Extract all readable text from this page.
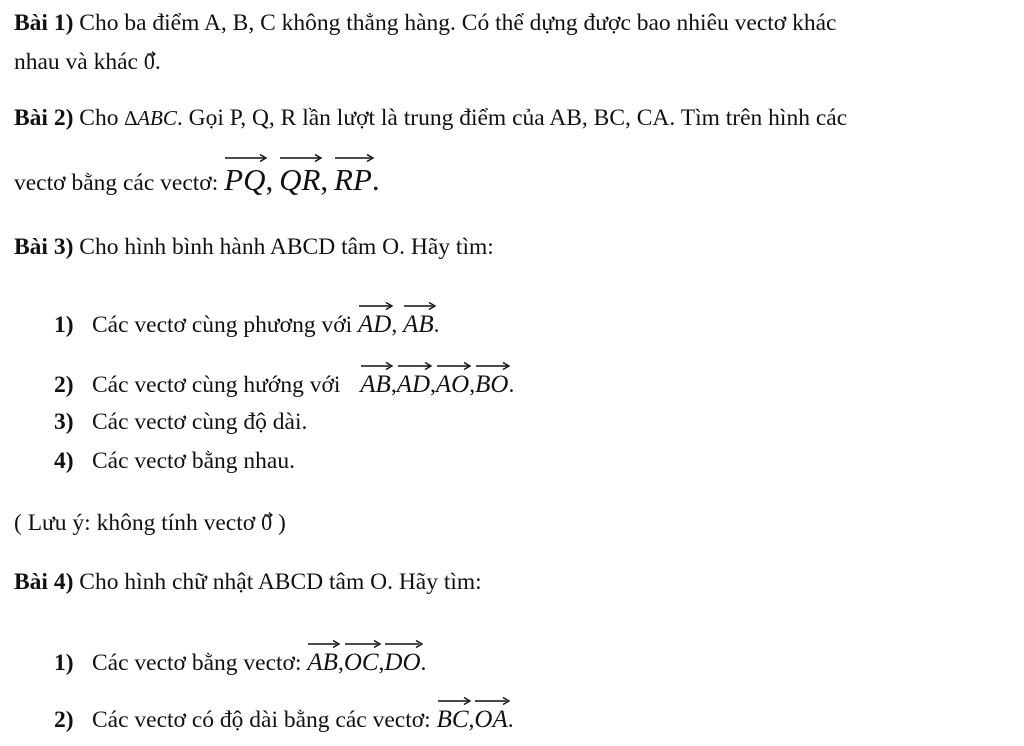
Bài 1) Cho ba điểm A, B, C không thẳng hàng. Có thể dựng được bao nhiêu vectơ khác
nhau và khác 0.
Bài 2) Cho ∆ABC. Gọi P, Q, R lần lượt là trung điểm của AB, BC, CA. Tìm trên hình các
vectơ bằng các vectơ: PQ, QR, RP.
Bài 3) Cho hình bình hành ABCD tâm O. Hãy tìm:
1) Các vectơ cùng phương với AD,
AB.
2) Các vectơ cùng hướng với AB,
AD,
AO,
BO.
3) Các vectơ cùng độ dài.
4) Các vectơ bằng nhau.
( Lưu ý: không tính vectơ 0 )
Bài 4) Cho hình chữ nhật ABCD tâm O. Hãy tìm:
1) Các vectơ bằng vectơ: AB,
OC,
DO.
2) Các vectơ có độ dài bằng các vectơ: BC,
OA.
